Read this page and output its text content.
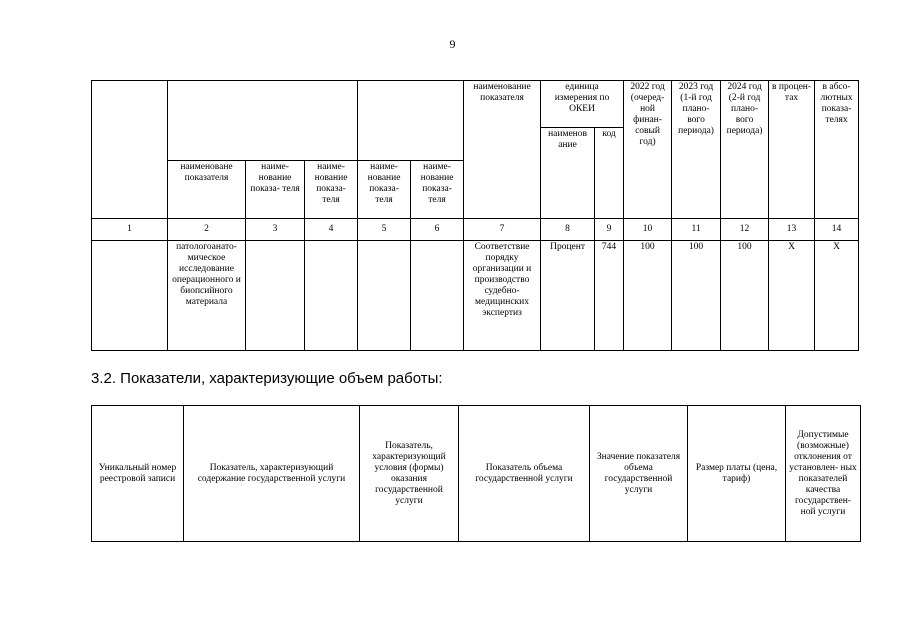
9
						наименование показателя	единица измерения по ОКЕИ		2022 год (очеред- ной финан- совый год)	2023 год (1-й год плано- вого периода)	2024 год (2-й год плано- вого периода)	в процен- тах	в абсо- лютных показа- телях
							наименов ание	код					
	наименоване показателя	наиме- нование показа- теля	наиме- нование показа- теля	наиме- нование показа- теля	наиме- нование показа- теля								
1	2	3	4	5	6	7	8	9	10	11	12	13	14
	патологоанато- мическое исследование операционного и биопсийного материала					Соответствие порядку организации и производство судебно- медицинских экспертиз	Процент	744	100	100	100	X	X
3.2. Показатели, характеризующие объем работы:
Уникальный номер реестровой записи	Показатель, характеризующий содержание государственной услуги	Показатель, характеризующий условия (формы) оказания государственной услуги	Показатель объема государственной услуги	Значение показателя объема государственной услуги	Размер платы (цена, тариф)	Допустимые (возможные) отклонения от установлен- ных показателей качества государствен- ной услуги
